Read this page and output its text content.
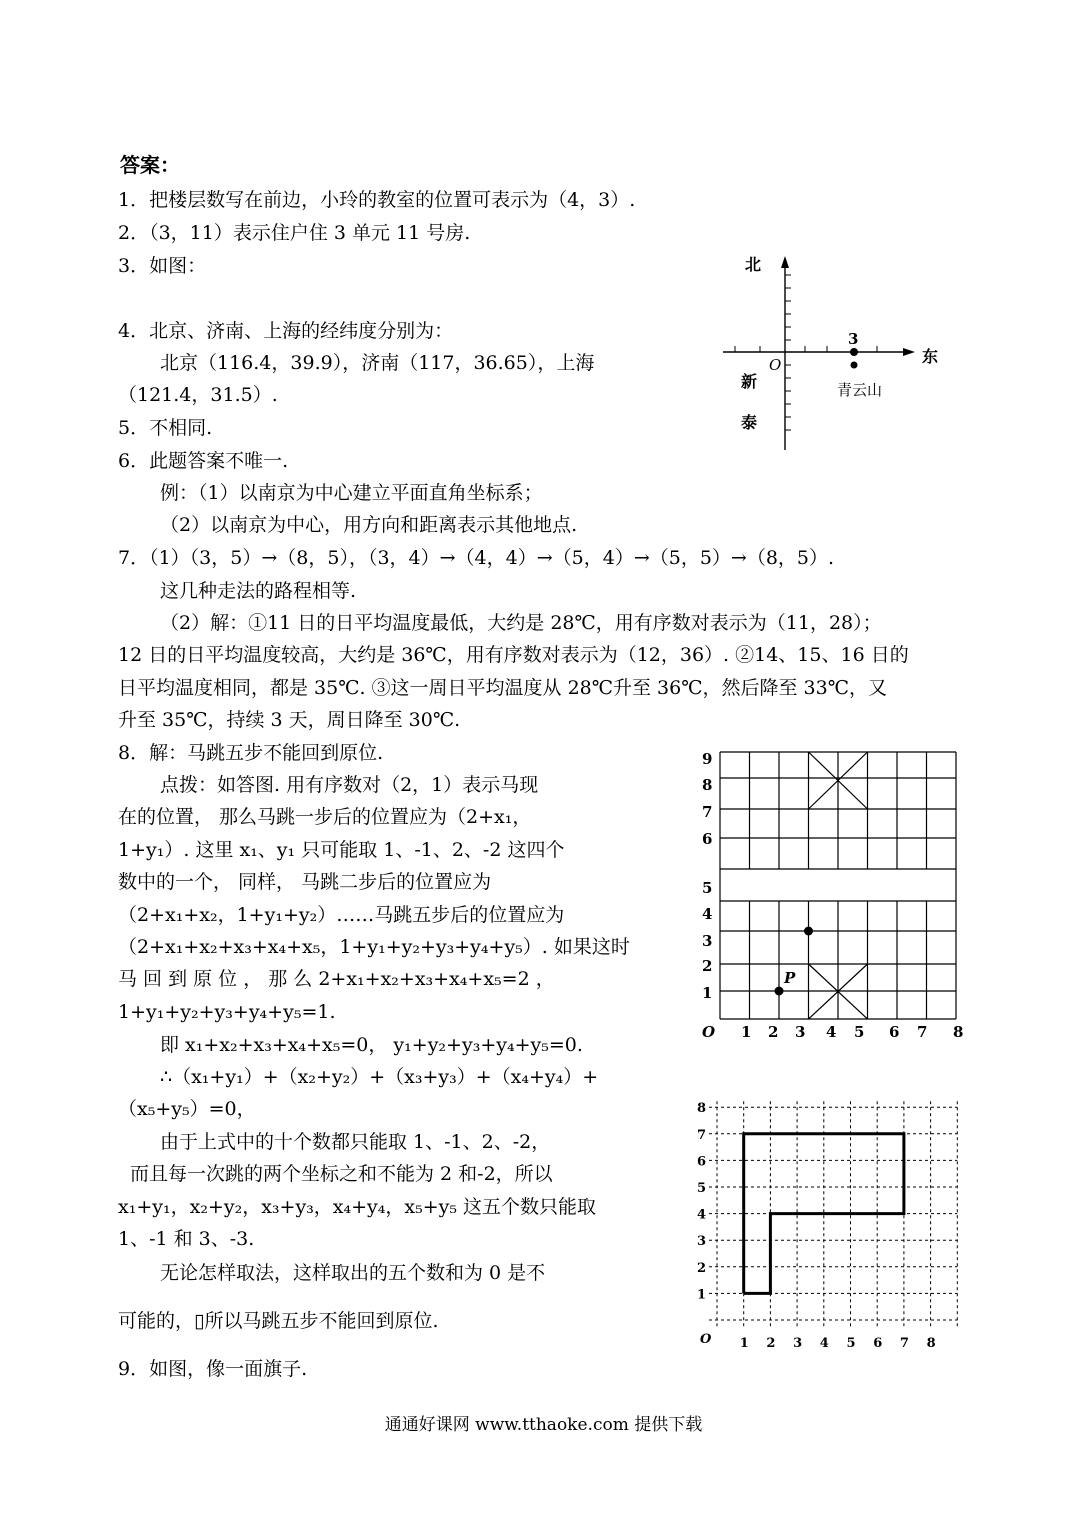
答案：
1．把楼层数写在前边，小玲的教室的位置可表示为（4，3）.
2．（3，11）表示住户住 3 单元 11 号房.
3．如图：
4．北京、济南、上海的经纬度分别为：
北京（116.4，39.9），济南（117，36.65），上海
（121.4，31.5）.
5．不相同.
6．此题答案不唯一.
例：（1）以南京为中心建立平面直角坐标系；
（2）以南京为中心，用方向和距离表示其他地点.
7．（1）（3，5）→（8，5），（3，4）→（4，4）→（5，4）→（5，5）→（8，5）.
这几种走法的路程相等.
（2）解：①11 日的日平均温度最低，大约是 28℃，用有序数对表示为（11，28）；
12 日的日平均温度较高，大约是 36℃，用有序数对表示为（12，36）. ②14、15、16 日的
日平均温度相同，都是 35℃. ③这一周日平均温度从 28℃升至 36℃，然后降至 33℃，又
升至 35℃，持续 3 天，周日降至 30℃.
8．解：马跳五步不能回到原位.
点拨：如答图. 用有序数对（2，1）表示马现
在的位置， 那么马跳一步后的位置应为（2+x₁，
1+y₁）. 这里 x₁、y₁ 只可能取 1、-1、2、-2 这四个
数中的一个， 同样， 马跳二步后的位置应为
（2+x₁+x₂，1+y₁+y₂）……马跳五步后的位置应为
（2+x₁+x₂+x₃+x₄+x₅，1+y₁+y₂+y₃+y₄+y₅）. 如果这时
马 回 到 原 位 ， 那 么 2+x₁+x₂+x₃+x₄+x₅=2 ，
1+y₁+y₂+y₃+y₄+y₅=1.
即 x₁+x₂+x₃+x₄+x₅=0， y₁+y₂+y₃+y₄+y₅=0.
∴（x₁+y₁）+（x₂+y₂）+（x₃+y₃）+（x₄+y₄）+
（x₅+y₅）=0，
由于上式中的十个数都只能取 1、-1、2、-2，
而且每一次跳的两个坐标之和不能为 2 和-2，所以
x₁+y₁，x₂+y₂，x₃+y₃，x₄+y₄，x₅+y₅ 这五个数只能取
1、-1 和 3、-3.
无论怎样取法，这样取出的五个数和为 0 是不
可能的，▯所以马跳五步不能回到原位.
9．如图，像一面旗子.
北
东
O
新
泰
3
青云山
9
8
7
6
5
4
3
2
1
1 2 3 4 5 6 7 8
O
P
8
7
6
5
4
3
2
1
1 2 3 4 5 6 7 8
O
通通好课网 www.tthaoke.com 提供下载
